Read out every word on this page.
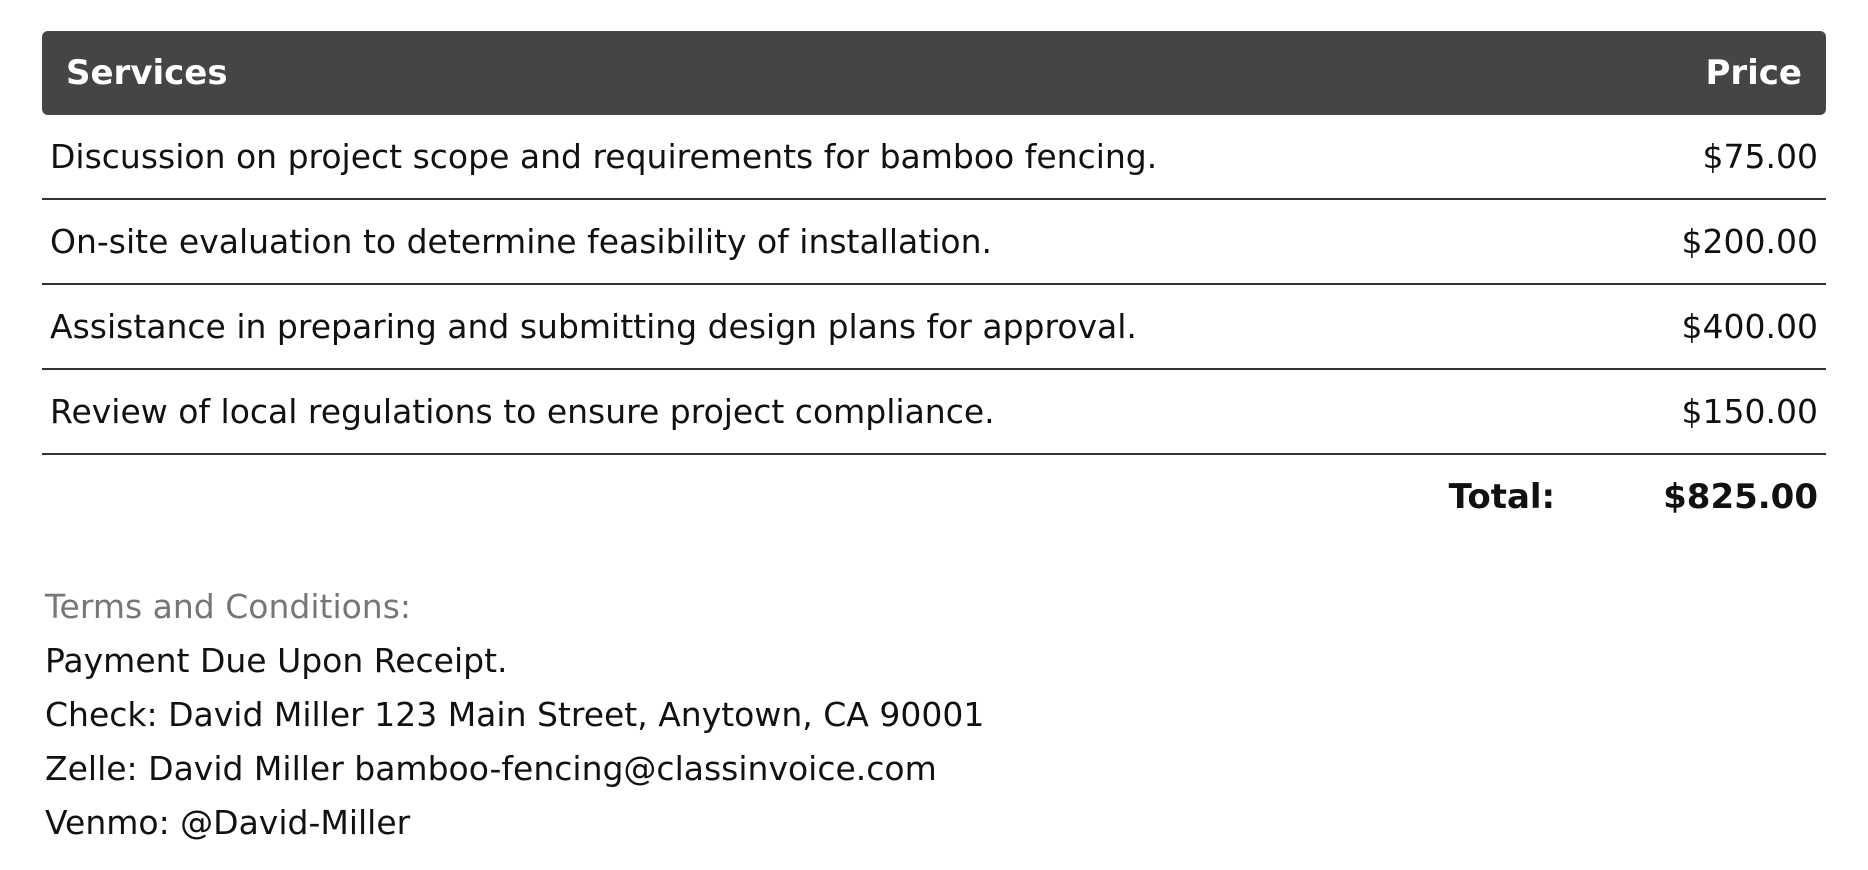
Services	Price
Discussion on project scope and requirements for bamboo fencing.	$75.00
On-site evaluation to determine feasibility of installation.	$200.00
Assistance in preparing and submitting design plans for approval.	$400.00
Review of local regulations to ensure project compliance.	$150.00
Total:	$825.00
Terms and Conditions:
Payment Due Upon Receipt.
Check: David Miller 123 Main Street, Anytown, CA 90001
Zelle: David Miller bamboo-fencing@classinvoice.com
Venmo: @David-Miller
